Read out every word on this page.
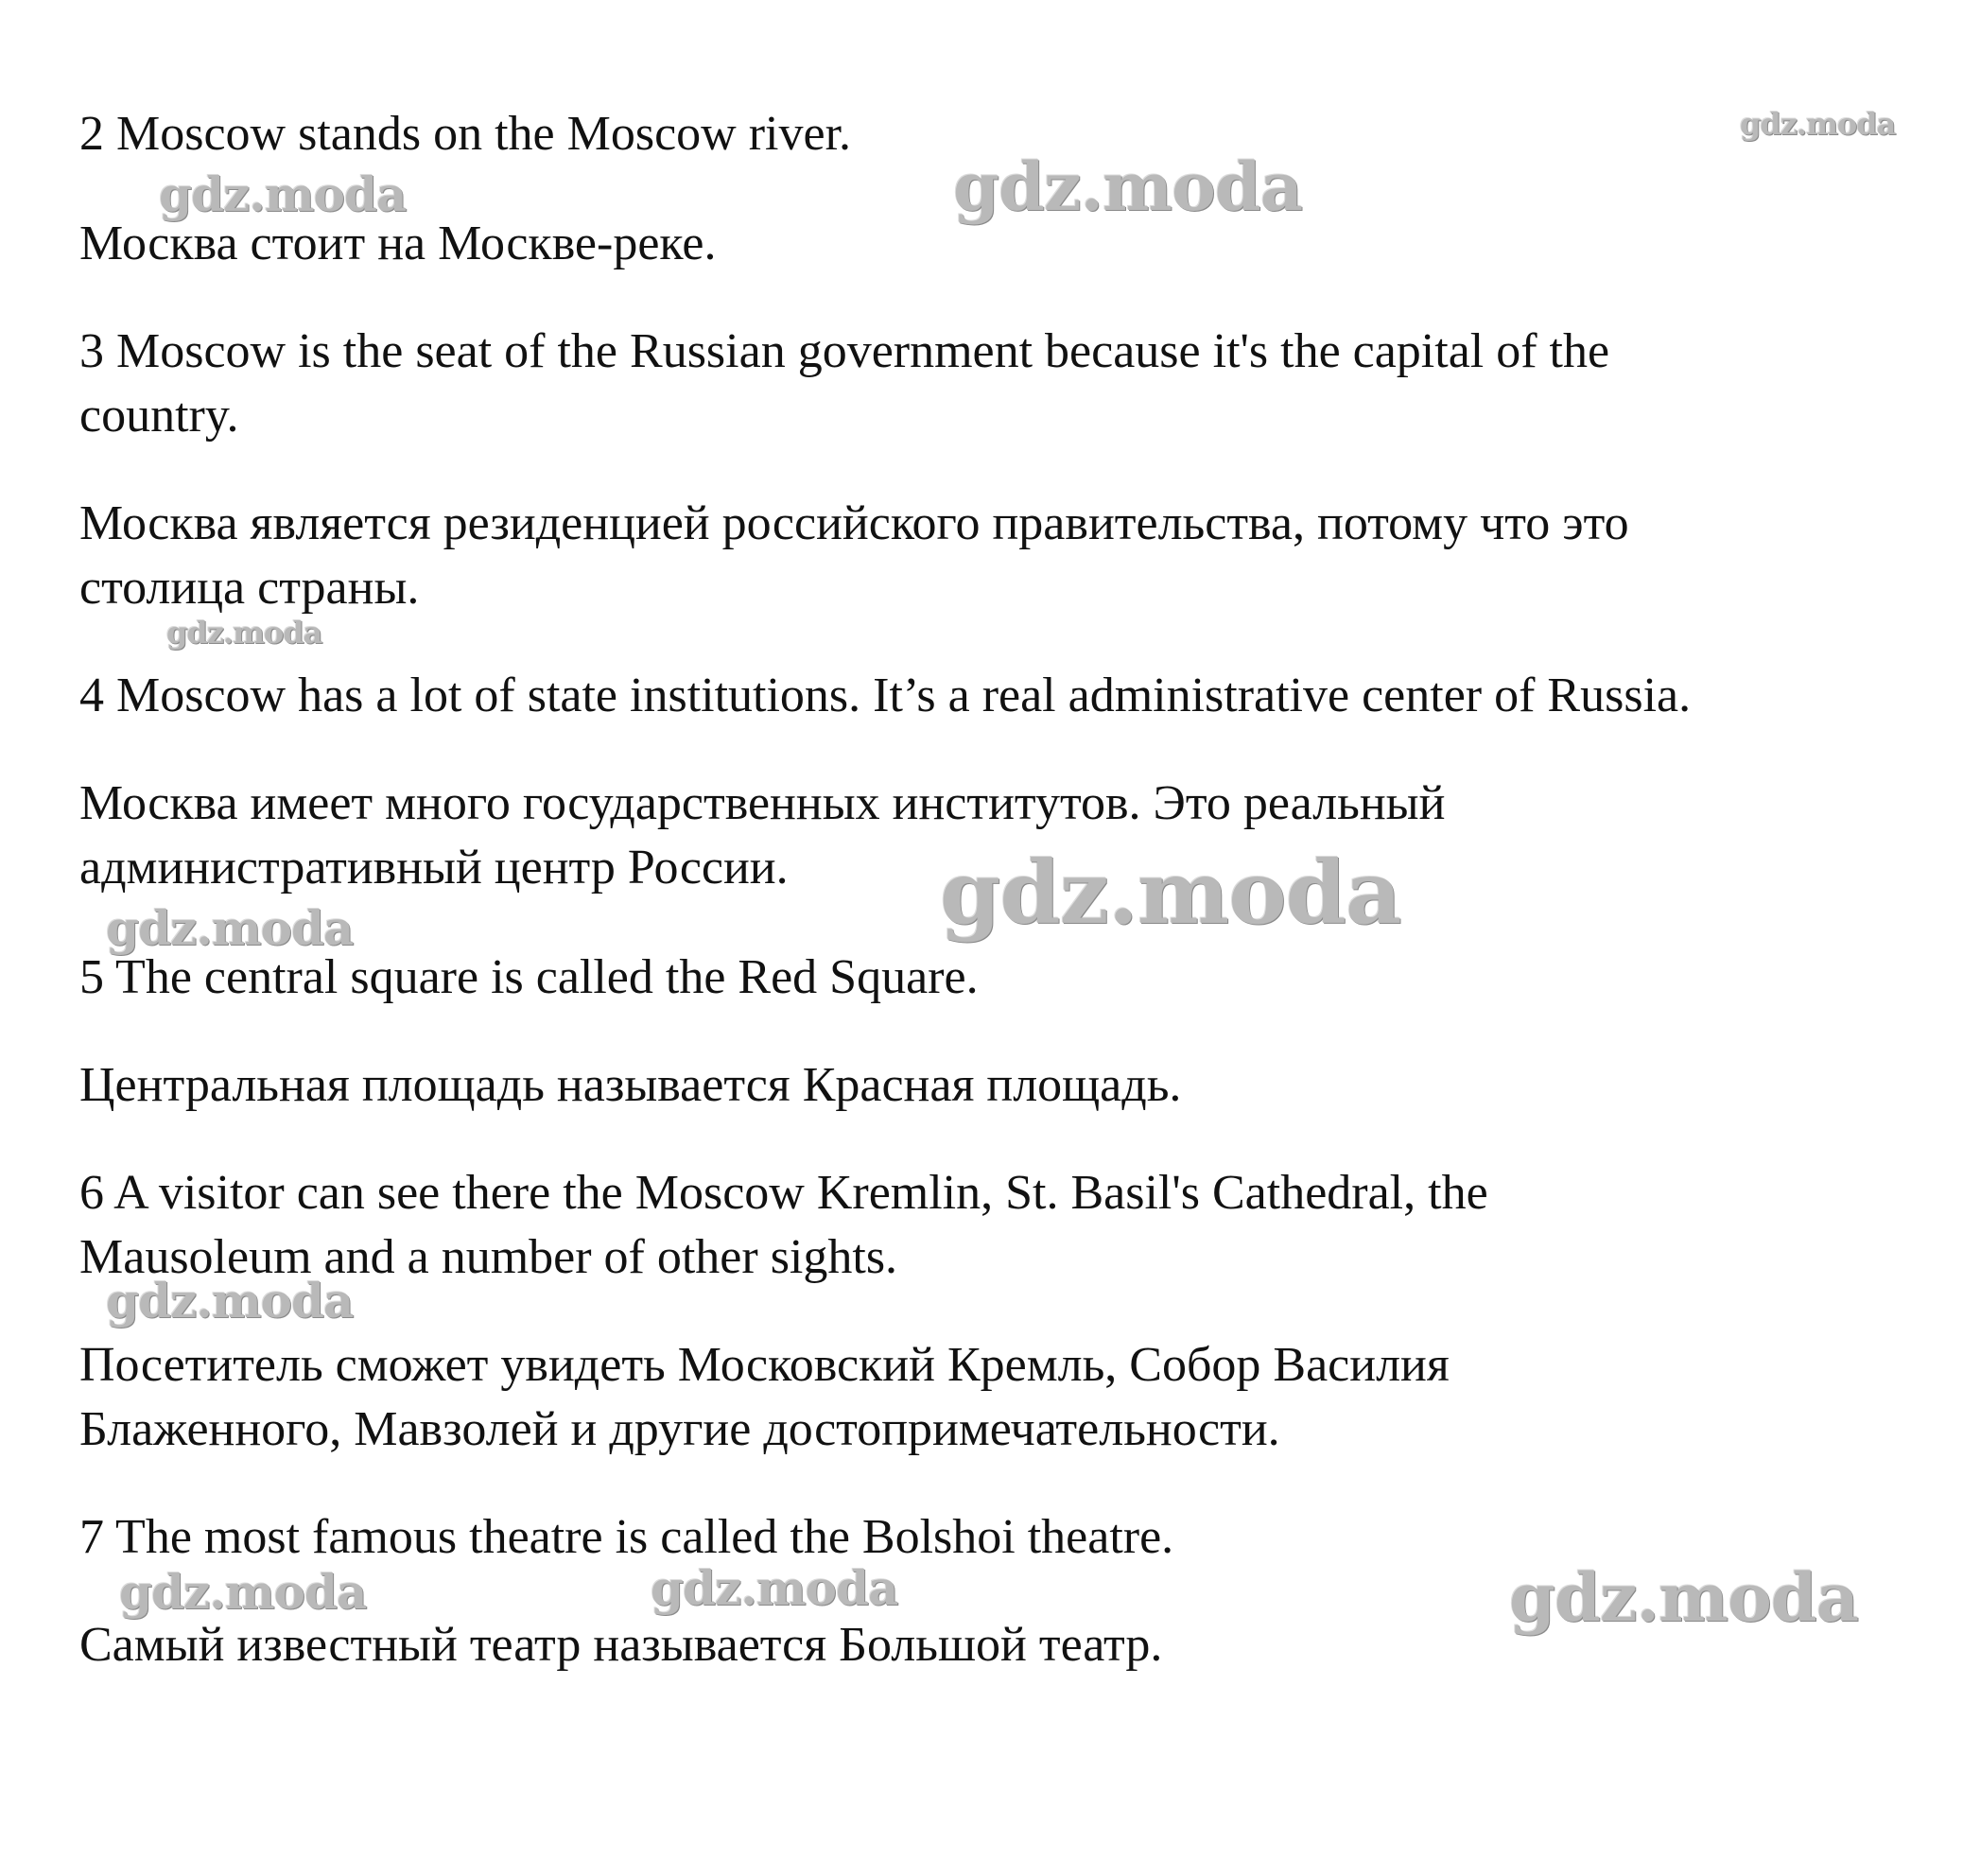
2 Moscow stands on the Moscow river.
Москва стоит на Москве-реке.
3 Moscow is the seat of the Russian government because it's the capital of the
country.
Москва является резиденцией российского правительства, потому что это
столица страны.
4 Moscow has a lot of state institutions. It’s a real administrative center of Russia.
Москва имеет много государственных институтов. Это реальный
административный центр России.
5 The central square is called the Red Square.
Центральная площадь называется Красная площадь.
6 A visitor can see there the Moscow Kremlin, St. Basil's Cathedral, the
Mausoleum and a number of other sights.
Посетитель сможет увидеть Московский Кремль, Собор Василия
Блаженного, Мавзолей и другие достопримечательности.
7 The most famous theatre is called the Bolshoi theatre.
Самый известный театр называется Большой театр.
gdz.moda
gdz.moda	gdz.moda
gdz.moda
gdz.moda
gdz.moda
gdz.moda
gdz.moda	gdz.moda	gdz.moda
